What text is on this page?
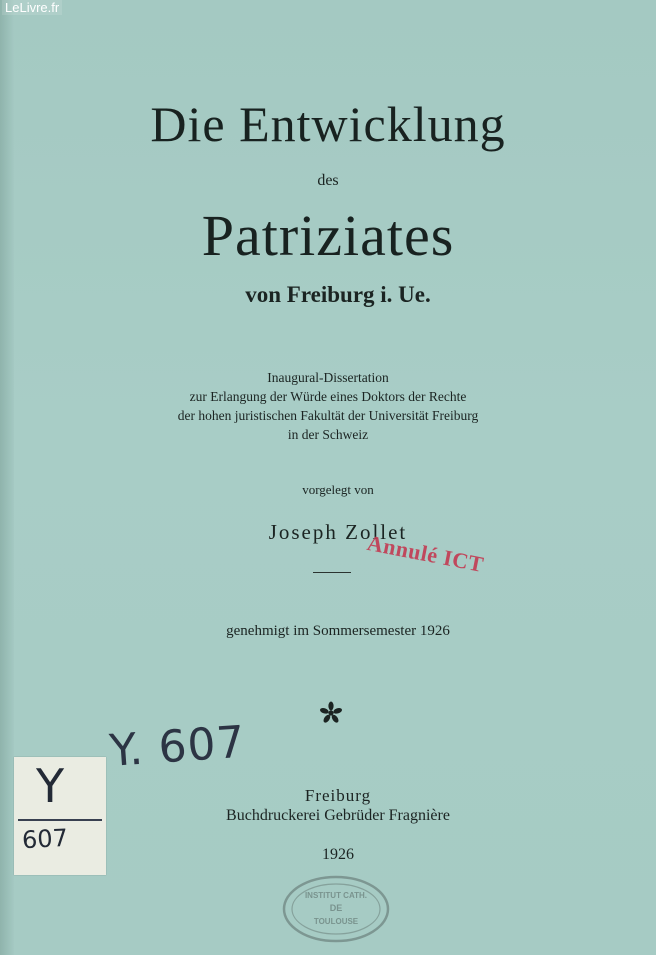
LeLivre.fr
Die Entwicklung
des
Patriziates
von Freiburg i. Ue.
Inaugural-Dissertation
zur Erlangung der Würde eines Doktors der Rechte
der hohen juristischen Fakultät der Universität Freiburg
in der Schweiz
vorgelegt von
Joseph Zollet
Annulé ICT
genehmigt im Sommersemester 1926
Y. 607
Y
607
Freiburg
Buchdruckerei Gebrüder Fragnière
1926
INSTITUT CATH.
DE
TOULOUSE
